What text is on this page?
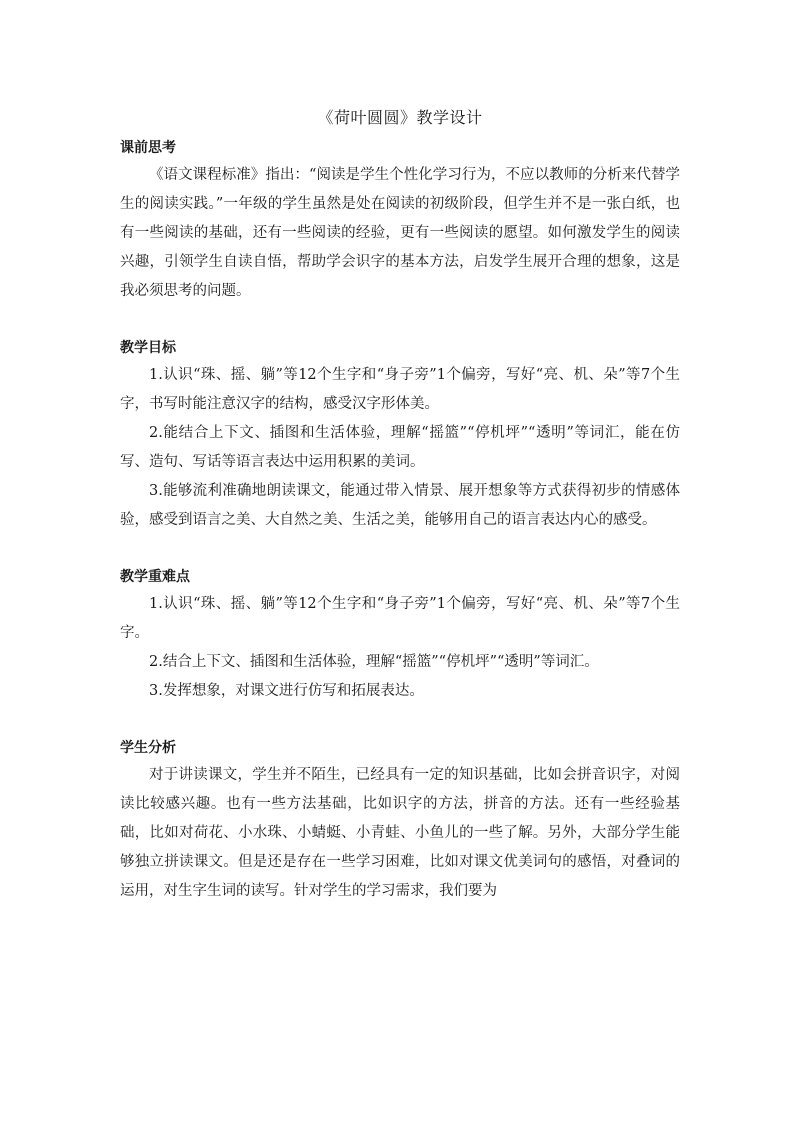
《荷叶圆圆》教学设计
课前思考

《语文课程标准》指出：“阅读是学生个性化学习行为，不应以教师的分析来代替学生的阅读实践。”一年级的学生虽然是处在阅读的初级阶段，但学生并不是一张白纸，也有一些阅读的基础，还有一些阅读的经验，更有一些阅读的愿望。如何激发学生的阅读兴趣，引领学生自读自悟，帮助学会识字的基本方法，启发学生展开合理的想象，这是我必须思考的问题。

教学目标

1.认识“珠、摇、躺”等12个生字和“身子旁”1个偏旁，写好“亮、机、朵”等7个生字，书写时能注意汉字的结构，感受汉字形体美。

2.能结合上下文、插图和生活体验，理解“摇篮”“停机坪”“透明”等词汇，能在仿写、造句、写话等语言表达中运用积累的美词。

3.能够流利准确地朗读课文，能通过带入情景、展开想象等方式获得初步的情感体验，感受到语言之美、大自然之美、生活之美，能够用自己的语言表达内心的感受。

教学重难点

1.认识“珠、摇、躺”等12个生字和“身子旁”1个偏旁，写好“亮、机、朵”等7个生字。

2.结合上下文、插图和生活体验，理解“摇篮”“停机坪”“透明”等词汇。

3.发挥想象，对课文进行仿写和拓展表达。

学生分析

对于讲读课文，学生并不陌生，已经具有一定的知识基础，比如会拼音识字，对阅读比较感兴趣。也有一些方法基础，比如识字的方法，拼音的方法。还有一些经验基础，比如对荷花、小水珠、小蜻蜓、小青蛙、小鱼儿的一些了解。另外，大部分学生能够独立拼读课文。但是还是存在一些学习困难，比如对课文优美词句的感悟，对叠词的运用，对生字生词的读写。针对学生的学习需求，我们要为
